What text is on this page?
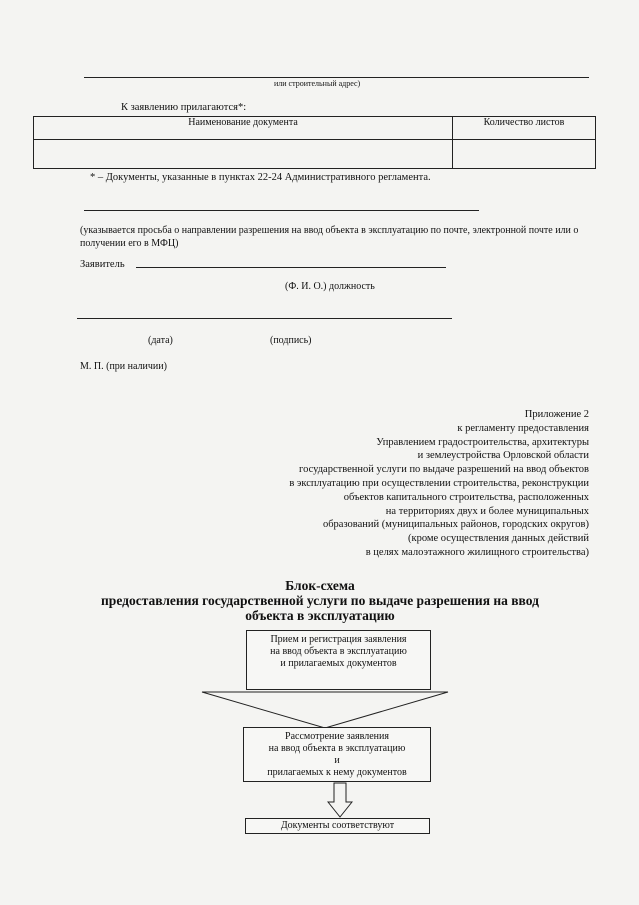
или строительный адрес)
К заявлению прилагаются*:
Наименование документа	Количество листов

* – Документы, указанные в пунктах 22-24 Административного регламента.
(указывается просьба о направлении разрешения на ввод объекта в эксплуатацию по почте, электронной почте или о получении его в МФЦ)
Заявитель
(Ф. И. О.) должность
(дата)	(подпись)
М. П. (при наличии)
Приложение 2
к регламенту предоставления
Управлением градостроительства, архитектуры
и землеустройства Орловской области
государственной услуги по выдаче разрешений на ввод объектов
в эксплуатацию при осуществлении строительства, реконструкции
объектов капитального строительства, расположенных
на территориях двух и более муниципальных
образований (муниципальных районов, городских округов)
(кроме осуществления данных действий
в целях малоэтажного жилищного строительства)
Блок-схема
предоставления государственной услуги по выдаче разрешения на ввод
объекта в эксплуатацию
Прием и регистрация заявления
на ввод объекта в эксплуатацию
и прилагаемых документов
Рассмотрение заявления
на ввод объекта в эксплуатацию
и
прилагаемых к нему документов
Документы соответствуют
